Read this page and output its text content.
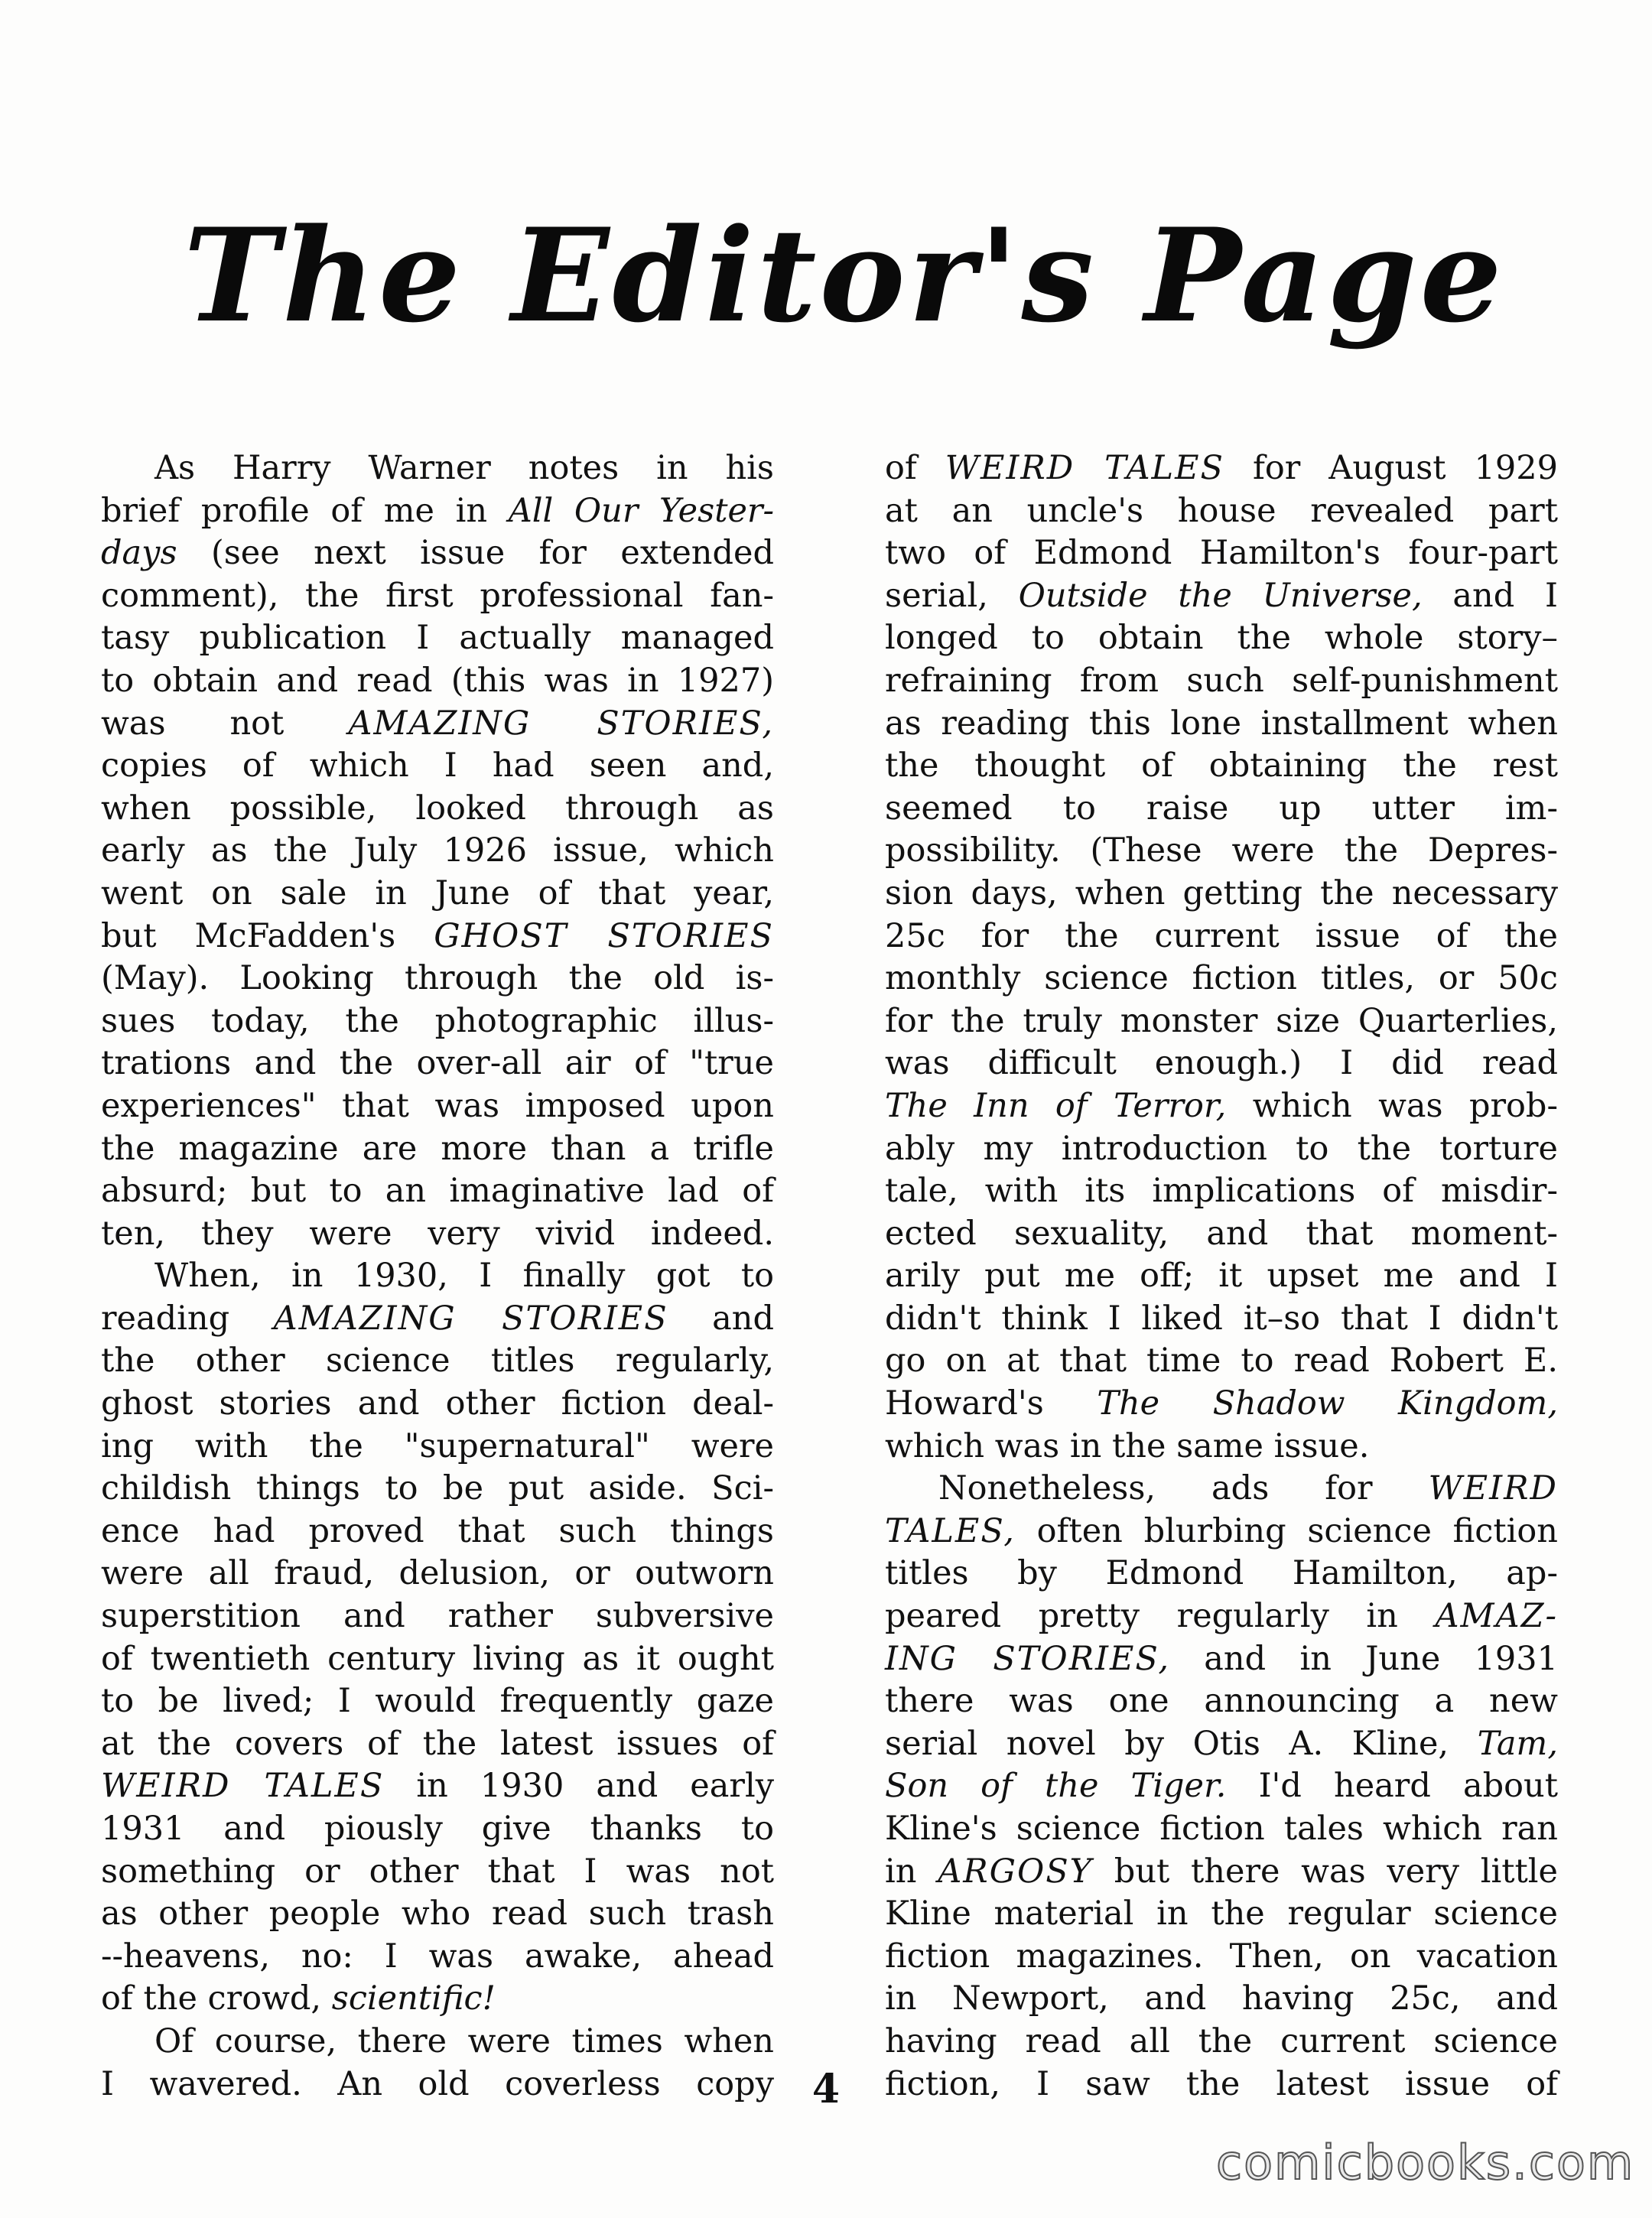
The Editor's Page
As Harry Warner notes in his
brief profile of me in All Our Yester-
days (see next issue for extended
comment), the first professional fan-
tasy publication I actually managed
to obtain and read (this was in 1927)
was not AMAZING STORIES,
copies of which I had seen and,
when possible, looked through as
early as the July 1926 issue, which
went on sale in June of that year,
but McFadden's GHOST STORIES
(May). Looking through the old is-
sues today, the photographic illus-
trations and the over-all air of "true
experiences" that was imposed upon
the magazine are more than a trifle
absurd; but to an imaginative lad of
ten, they were very vivid indeed.
When, in 1930, I finally got to
reading AMAZING STORIES and
the other science titles regularly,
ghost stories and other fiction deal-
ing with the "supernatural" were
childish things to be put aside. Sci-
ence had proved that such things
were all fraud, delusion, or outworn
superstition and rather subversive
of twentieth century living as it ought
to be lived; I would frequently gaze
at the covers of the latest issues of
WEIRD TALES in 1930 and early
1931 and piously give thanks to
something or other that I was not
as other people who read such trash
--heavens, no: I was awake, ahead
of the crowd, scientific!
Of course, there were times when
I wavered. An old coverless copy
of WEIRD TALES for August 1929
at an uncle's house revealed part
two of Edmond Hamilton's four-part
serial, Outside the Universe, and I
longed to obtain the whole story–
refraining from such self-punishment
as reading this lone installment when
the thought of obtaining the rest
seemed to raise up utter im-
possibility. (These were the Depres-
sion days, when getting the necessary
25c for the current issue of the
monthly science fiction titles, or 50c
for the truly monster size Quarterlies,
was difficult enough.) I did read
The Inn of Terror, which was prob-
ably my introduction to the torture
tale, with its implications of misdir-
ected sexuality, and that moment-
arily put me off; it upset me and I
didn't think I liked it–so that I didn't
go on at that time to read Robert E.
Howard's The Shadow Kingdom,
which was in the same issue.
Nonetheless, ads for WEIRD
TALES, often blurbing science fiction
titles by Edmond Hamilton, ap-
peared pretty regularly in AMAZ-
ING STORIES, and in June 1931
there was one announcing a new
serial novel by Otis A. Kline, Tam,
Son of the Tiger. I'd heard about
Kline's science fiction tales which ran
in ARGOSY but there was very little
Kline material in the regular science
fiction magazines. Then, on vacation
in Newport, and having 25c, and
having read all the current science
fiction, I saw the latest issue of
4
comicbooks.com
